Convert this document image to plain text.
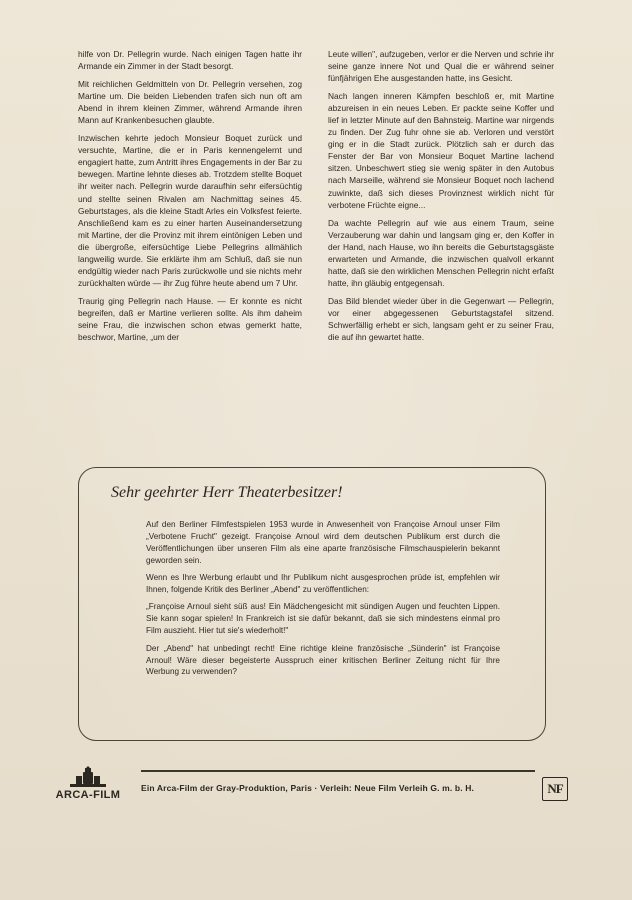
hilfe von Dr. Pellegrin wurde. Nach einigen Tagen hatte ihr Armande ein Zimmer in der Stadt besorgt.

Mit reichlichen Geldmitteln von Dr. Pellegrin versehen, zog Martine um. Die beiden Liebenden trafen sich nun oft am Abend in ihrem kleinen Zimmer, während Armande ihren Mann auf Krankenbesuchen glaubte.

Inzwischen kehrte jedoch Monsieur Boquet zurück und versuchte, Martine, die er in Paris kennengelernt und engagiert hatte, zum Antritt ihres Engagements in der Bar zu bewegen. Martine lehnte dieses ab. Trotzdem stellte Boquet ihr weiter nach. Pellegrin wurde daraufhin sehr eifersüchtig und stellte seinen Rivalen am Nachmittag seines 45. Geburtstages, als die kleine Stadt Arles ein Volksfest feierte. Anschließend kam es zu einer harten Auseinandersetzung mit Martine, der die Provinz mit ihrem eintönigen Leben und die übergroße, eifersüchtige Liebe Pellegrins allmählich langweilig wurde. Sie erklärte ihm am Schluß, daß sie nun endgültig wieder nach Paris zurückwolle und sie nichts mehr zurückhalten würde — ihr Zug führe heute abend um 7 Uhr.

Traurig ging Pellegrin nach Hause. — Er konnte es nicht begreifen, daß er Martine verlieren sollte. Als ihm daheim seine Frau, die inzwischen schon etwas gemerkt hatte, beschwor, Martine, „um der

Leute willen", aufzugeben, verlor er die Nerven und schrie ihr seine ganze innere Not und Qual die er während seiner fünfjährigen Ehe ausgestanden hatte, ins Gesicht.

Nach langen inneren Kämpfen beschloß er, mit Martine abzureisen in ein neues Leben. Er packte seine Koffer und lief in letzter Minute auf den Bahnsteig. Martine war nirgends zu finden. Der Zug fuhr ohne sie ab. Verloren und verstört ging er in die Stadt zurück. Plötzlich sah er durch das Fenster der Bar von Monsieur Boquet Martine lachend sitzen. Unbeschwert stieg sie wenig später in den Autobus nach Marseille, während sie Monsieur Boquet noch lachend zuwinkte, daß sich dieses Provinznest wirklich nicht für verbotene Früchte eigne...

Da wachte Pellegrin auf wie aus einem Traum, seine Verzauberung war dahin und langsam ging er, den Koffer in der Hand, nach Hause, wo ihn bereits die Geburtstagsgäste erwarteten und Armande, die inzwischen qualvoll erkannt hatte, daß sie den wirklichen Menschen Pellegrin nicht erfaßt hatte, ihn gläubig entgegensah.

Das Bild blendet wieder über in die Gegenwart — Pellegrin, vor einer abgegessenen Geburtstagstafel sitzend. Schwerfällig erhebt er sich, langsam geht er zu seiner Frau, die auf ihn gewartet hatte.

Sehr geehrter Herr Theaterbesitzer!

Auf den Berliner Filmfestspielen 1953 wurde in Anwesenheit von Françoise Arnoul unser Film „Verbotene Frucht" gezeigt. Françoise Arnoul wird dem deutschen Publikum erst durch die Veröffentlichungen über unseren Film als eine aparte französische Filmschauspielerin bekannt geworden sein.

Wenn es Ihre Werbung erlaubt und Ihr Publikum nicht ausgesprochen prüde ist, empfehlen wir Ihnen, folgende Kritik des Berliner „Abend" zu veröffentlichen:

„Françoise Arnoul sieht süß aus! Ein Mädchengesicht mit sündigen Augen und feuchten Lippen. Sie kann sogar spielen! In Frankreich ist sie dafür bekannt, daß sie sich mindestens einmal pro Film auszieht. Hier tut sie's wiederholt!"

Der „Abend" hat unbedingt recht! Eine richtige kleine französische „Sünderin" ist Françoise Arnoul! Wäre dieser begeisterte Ausspruch einer kritischen Berliner Zeitung nicht für Ihre Werbung zu verwenden?

ARCA-FILM
Ein Arca-Film der Gray-Produktion, Paris · Verleih: Neue Film Verleih G. m. b. H.	NF
